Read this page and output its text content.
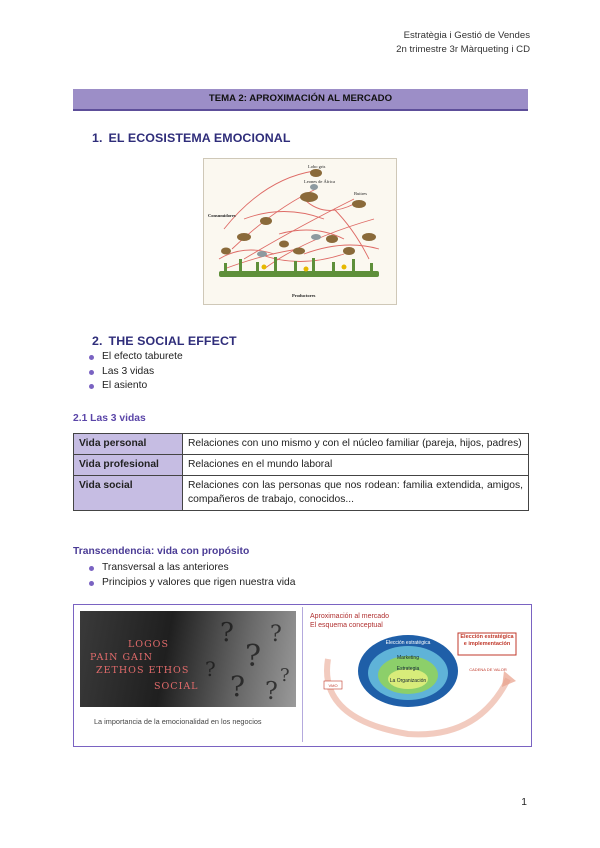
Estratègia i Gestió de Vendes
2n trimestre 3r Màrqueting i CD
TEMA 2: APROXIMACIÓN AL MERCADO
1. EL ECOSISTEMA EMOCIONAL
Lobo gris
Leones de África
Consumidores
Buitres
Productores
2. THE SOCIAL EFFECT
El efecto taburete
Las 3 vidas
El asiento
2.1 Las 3 vidas
Vida personal	Relaciones con uno mismo y con el núcleo familiar (pareja, hijos, padres)
Vida profesional	Relaciones en el mundo laboral
Vida social	Relaciones con las personas que nos rodean: familia extendida, amigos, compañeros de trabajo, conocidos...
Transcendencia: vida con propósito
Transversal a las anteriores
Principios y valores que rigen nuestra vida
?
?
?
? ?
?	?
LOGOS
PAIN GAIN
ZETHOS ETHOS
SOCIAL
La importancia de la emocionalidad en los negocios
Aproximación al mercado
El esquema conceptual
Elección estratégica
Marketing
Estrategia
La Organización
Elección estratégica e implementación
CADENA DE VALOR
VMO
1
